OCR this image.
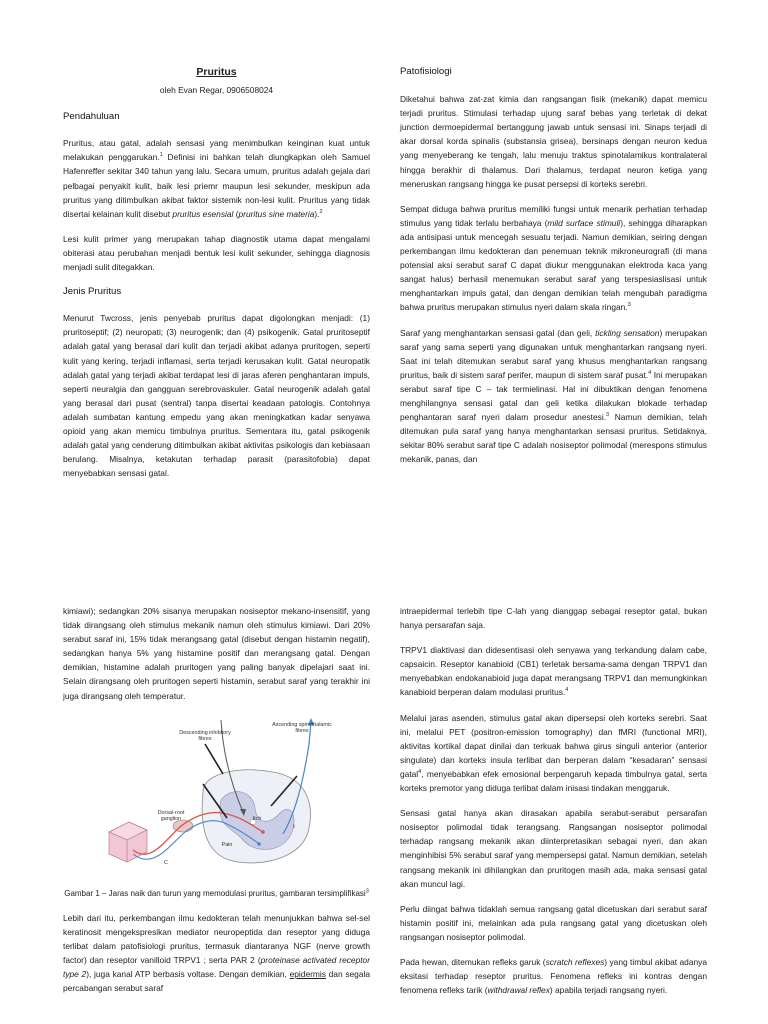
Pruritus
oleh Evan Regar, 0906508024
Pendahuluan

Pruritus, atau gatal, adalah sensasi yang menimbulkan keinginan kuat untuk melakukan penggarukan.$^1$ Definisi ini bahkan telah diungkapkan oleh Samuel Hafenreffer sekitar 340 tahun yang lalu. Secara umum, pruritus adalah gejala dari pelbagai penyakit kulit, baik lesi priemr maupun lesi sekunder, meskipun ada pruritus yang ditimbulkan akibat faktor sistemik non-lesi kulit. Pruritus yang tidak disertai kelainan kulit disebut pruritus esensial (pruritus sine materia).$^2$

Lesi kulit primer yang merupakan tahap diagnostik utama dapat mengalami obiterasi atau perubahan menjadi bentuk lesi kulit sekunder, sehingga diagnosis menjadi sulit ditegakkan.

Jenis Pruritus

Menurut Twcross, jenis penyebab pruritus dapat digolongkan menjadi: (1) pruritoseptif; (2) neuropati; (3) neurogenik; dan (4) psikogenik. Gatal pruritoseptif adalah gatal yang berasal dari kulit dan terjadi akibat adanya pruritogen, seperti kulit yang kering, terjadi inflamasi, serta terjadi kerusakan kulit. Gatal neuropatik adalah gatal yang terjadi akibat terdapat lesi di jaras aferen penghantaran impuls, seperti neuralgia dan gangguan serebrovaskuler. Gatal neurogenik adalah gatal yang berasal dari pusat (sentral) tanpa disertai keadaan patologis. Contohnya adalah sumbatan kantung empedu yang akan meningkatkan kadar senyawa opioid yang akan memicu timbulnya pruritus. Sementara itu, gatal psikogenik adalah gatal yang cenderung ditimbulkan akibat aktivitas psikologis dan kebiasaan berulang. Misalnya, ketakutan terhadap parasit (parasitofobia) dapat menyebabkan sensasi gatal.

Patofisiologi

Diketahui bahwa zat-zat kimia dan rangsangan fisik (mekanik) dapat memicu terjadi pruritus. Stimulasi terhadap ujung saraf bebas yang terletak di dekat junction dermoepidermal bertanggung jawab untuk sensasi ini. Sinaps terjadi di akar dorsal korda spinalis (substansia grisea), bersinaps dengan neuron kedua yang menyeberang ke tengah, lalu menuju traktus spinotalamikus kontralateral hingga berakhir di thalamus. Dari thalamus, terdapat neuron ketiga yang meneruskan rangsang hingga ke pusat persepsi di korteks serebri.

Sempat diduga bahwa pruritus memiliki fungsi untuk menarik perhatian terhadap stimulus yang tidak terlalu berbahaya (mild surface stimuli), sehingga diharapkan ada antisipasi untuk mencegah sesuatu terjadi. Namun demikian, seiring dengan perkembangan ilmu kedokteran dan penemuan teknik mikroneurografi (di mana potensial aksi serabut saraf C dapat diukur menggunakan elektroda kaca yang sangat halus) berhasil menemukan serabut saraf yang terspesiaslisasi untuk menghantarkan impuls gatal, dan dengan demikian telah mengubah paradigma bahwa pruritus merupakan stimulus nyeri dalam skala ringan.$^3$

Saraf yang menghantarkan sensasi gatal (dan geli, tickling sensation) merupakan saraf yang sama seperti yang digunakan untuk menghantarkan rangsang nyeri. Saat ini telah ditemukan serabut saraf yang khusus menghantarkan rangsang pruritus, baik di sistem saraf perifer, maupun di sistem saraf pusat.$^4$ Ini merupakan serabut saraf tipe C – tak termielinasi. Hal ini dibuktikan dengan fenomena menghilangnya sensasi gatal dan geli ketika dilakukan blokade terhadap penghantaran saraf nyeri dalam prosedur anestesi.$^3$ Namun demikian, telah ditemukan pula saraf yang hanya menghantarkan sensasi pruritus. Setidaknya, sekitar 80% serabut saraf tipe C adalah nosiseptor polimodal (merespons stimulus mekanik, panas, dan

kimiawi); sedangkan 20% sisanya merupakan nosiseptor mekano-insensitif, yang tidak dirangsang oleh stimulus mekanik namun oleh stimulus kimiawi. Dari 20% serabut saraf ini, 15% tidak merangsang gatal (disebut dengan histamin negatif), sedangkan hanya 5% yang histamine positif dan merangsang gatal. Dengan demikian, histamine adalah pruritogen yang paling banyak dipelajari saat ini. Selain dirangsang oleh pruritogen seperti histamin, serabut saraf yang terakhir ini juga dirangsang oleh temperatur.

Descending inhibitory fibres
Ascending spinothalamic fibres
Dorsal-root ganglion
Pain
Itch
C
t

Gambar 1 – Jaras naik dan turun yang memodulasi pruritus, gambaran tersimplifikasi$^3$

Lebih dari itu, perkembangan ilmu kedokteran telah menunjukkan bahwa sel-sel keratinosit mengekspresikan mediator neuropeptida dan reseptor yang diduga terlibat dalam patofisiologi pruritus, termasuk diantaranya NGF (nerve growth factor) dan reseptor vanilloid TRPV1 ; serta PAR 2 (proteinase activated receptor type 2), juga kanal ATP berbasis voltase. Dengan demikian, epidermis dan segala percabangan serabut saraf

intraepidermal terlebih tipe C-lah yang dianggap sebagai reseptor gatal, bukan hanya persarafan saja.

TRPV1 diaktivasi dan didesentisasi oleh senyawa yang terkandung dalam cabe, capsaicin. Reseptor kanabioid (CB1) terletak bersama-sama dengan TRPV1 dan menyebabkan endokanabioid juga dapat merangsang TRPV1 dan memungkinkan kanabioid berperan dalam modulasi pruritus.$^4$

Melalui jaras asenden, stimulus gatal akan dipersepsi oleh korteks serebri. Saat ini, melalui PET (positron-emission tomography) dan fMRI (functional MRI), aktivitas kortikal dapat dinilai dan terkuak bahwa girus singuli anterior (anterior singulate) dan korteks insula terlibat dan berperan dalam “kesadaran” sensasi gatal$^4$, menyebabkan efek emosional berpengaruh kepada timbulnya gatal, serta korteks premotor yang diduga terlibat dalam inisasi tindakan menggaruk.

Sensasi gatal hanya akan dirasakan apabila serabut-serabut persarafan nosiseptor polimodal tidak terangsang. Rangsangan nosiseptor polimodal terhadap rangsang mekanik akan diinterpretasikan sebagai nyeri, dan akan menginhibisi 5% serabut saraf yang mempersepsi gatal. Namun demikian, setelah rangsang mekanik ini dihilangkan dan pruritogen masih ada, maka sensasi gatal akan muncul lagi.

Perlu diingat bahwa tidaklah semua rangsang gatal dicetuskan dari serabut saraf histamin positif ini, melainkan ada pula rangsang gatal yang dicetuskan oleh rangsangan nosiseptor polimodal.

Pada hewan, ditemukan refleks garuk (scratch reflexes) yang timbul akibat adanya eksitasi terhadap reseptor pruritus. Fenomena refleks ini kontras dengan fenomena refleks tarik (withdrawal reflex) apabila terjadi rangsang nyeri.
